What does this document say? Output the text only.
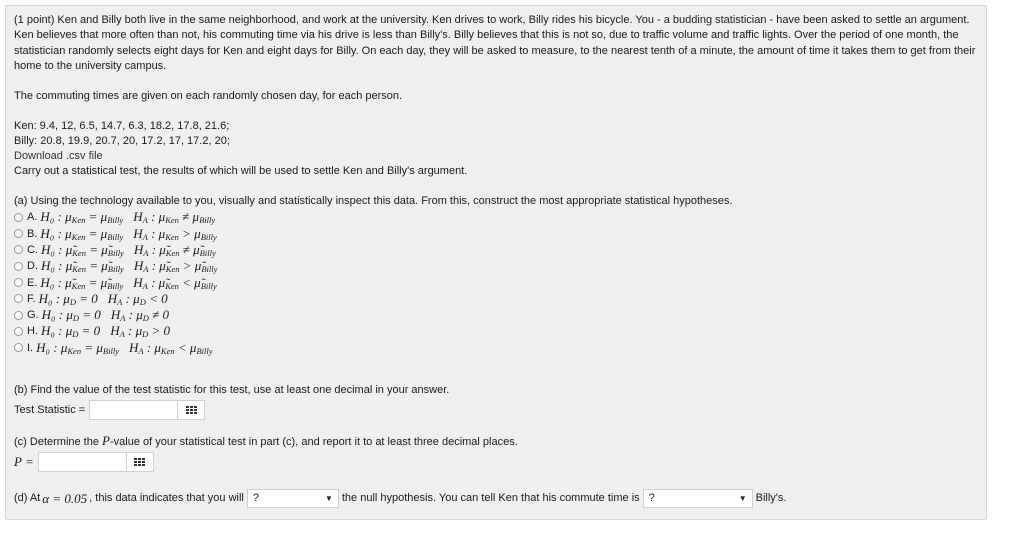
(1 point) Ken and Billy both live in the same neighborhood, and work at the university. Ken drives to work, Billy rides his bicycle. You - a budding statistician - have been asked to settle an argument. Ken believes that more often than not, his commuting time via his drive is less than Billy's. Billy believes that this is not so, due to traffic volume and traffic lights. Over the period of one month, the statistician randomly selects eight days for Ken and eight days for Billy. On each day, they will be asked to measure, to the nearest tenth of a minute, the amount of time it takes them to get from their home to the university campus.

The commuting times are given on each randomly chosen day, for each person.

Ken: 9.4, 12, 6.5, 14.7, 6.3, 18.2, 17.8, 21.6;

Billy: 20.8, 19.9, 20.7, 20, 17.2, 17, 17.2, 20;

Download .csv file

Carry out a statistical test, the results of which will be used to settle Ken and Billy's argument.

(a) Using the technology available to you, visually and statistically inspect this data. From this, construct the most appropriate statistical hypotheses.

A. H₀ : $\mu_{Ken} = \mu_{Billy}$ $H_A$ : $\mu_{Ken} \ne \mu_{Billy}$
B. H₀ : $\mu_{Ken} = \mu_{Billy}$ $H_A$ : $\mu_{Ken} > \mu_{Billy}$
C. H₀ : $\mũ_{Ken}$ = $\mũ_{Billy}$ $H_A$ : $\mũ_{Ken}$ ≠ $\mũ_{Billy}$
D. H₀ : $\mũ_{Ken}$ = $\mũ_{Billy}$ $H_A$ : $\mũ_{Ken}$ > $\mũ_{Billy}$
E. H₀ : $\mũ_{Ken}$ = $\mũ_{Billy}$ $H_A$ : $\mũ_{Ken}$ < $\mũ_{Billy}$
F. H₀ : $\mu_D = 0$ $H_A$ : $\mu_D < 0$
G. H₀ : $\mu_D = 0$ $H_A$ : $\mu_D \ne 0$
H. H₀ : $\mu_D = 0$ $H_A$ : $\mu_D > 0$
I. H₀ : $\mu_{Ken} = \mu_{Billy}$ $H_A$ : $\mu_{Ken} < \mu_{Billy}$

(b) Find the value of the test statistic for this test, use at least one decimal in your answer.

Test Statistic =

(c) Determine the P-value of your statistical test in part (c), and report it to at least three decimal places.

P =

(d) At α = 0.05 , this data indicates that you will ?	▼ the null hypothesis. You can tell Ken that his commute time is ?	▼ Billy's.
